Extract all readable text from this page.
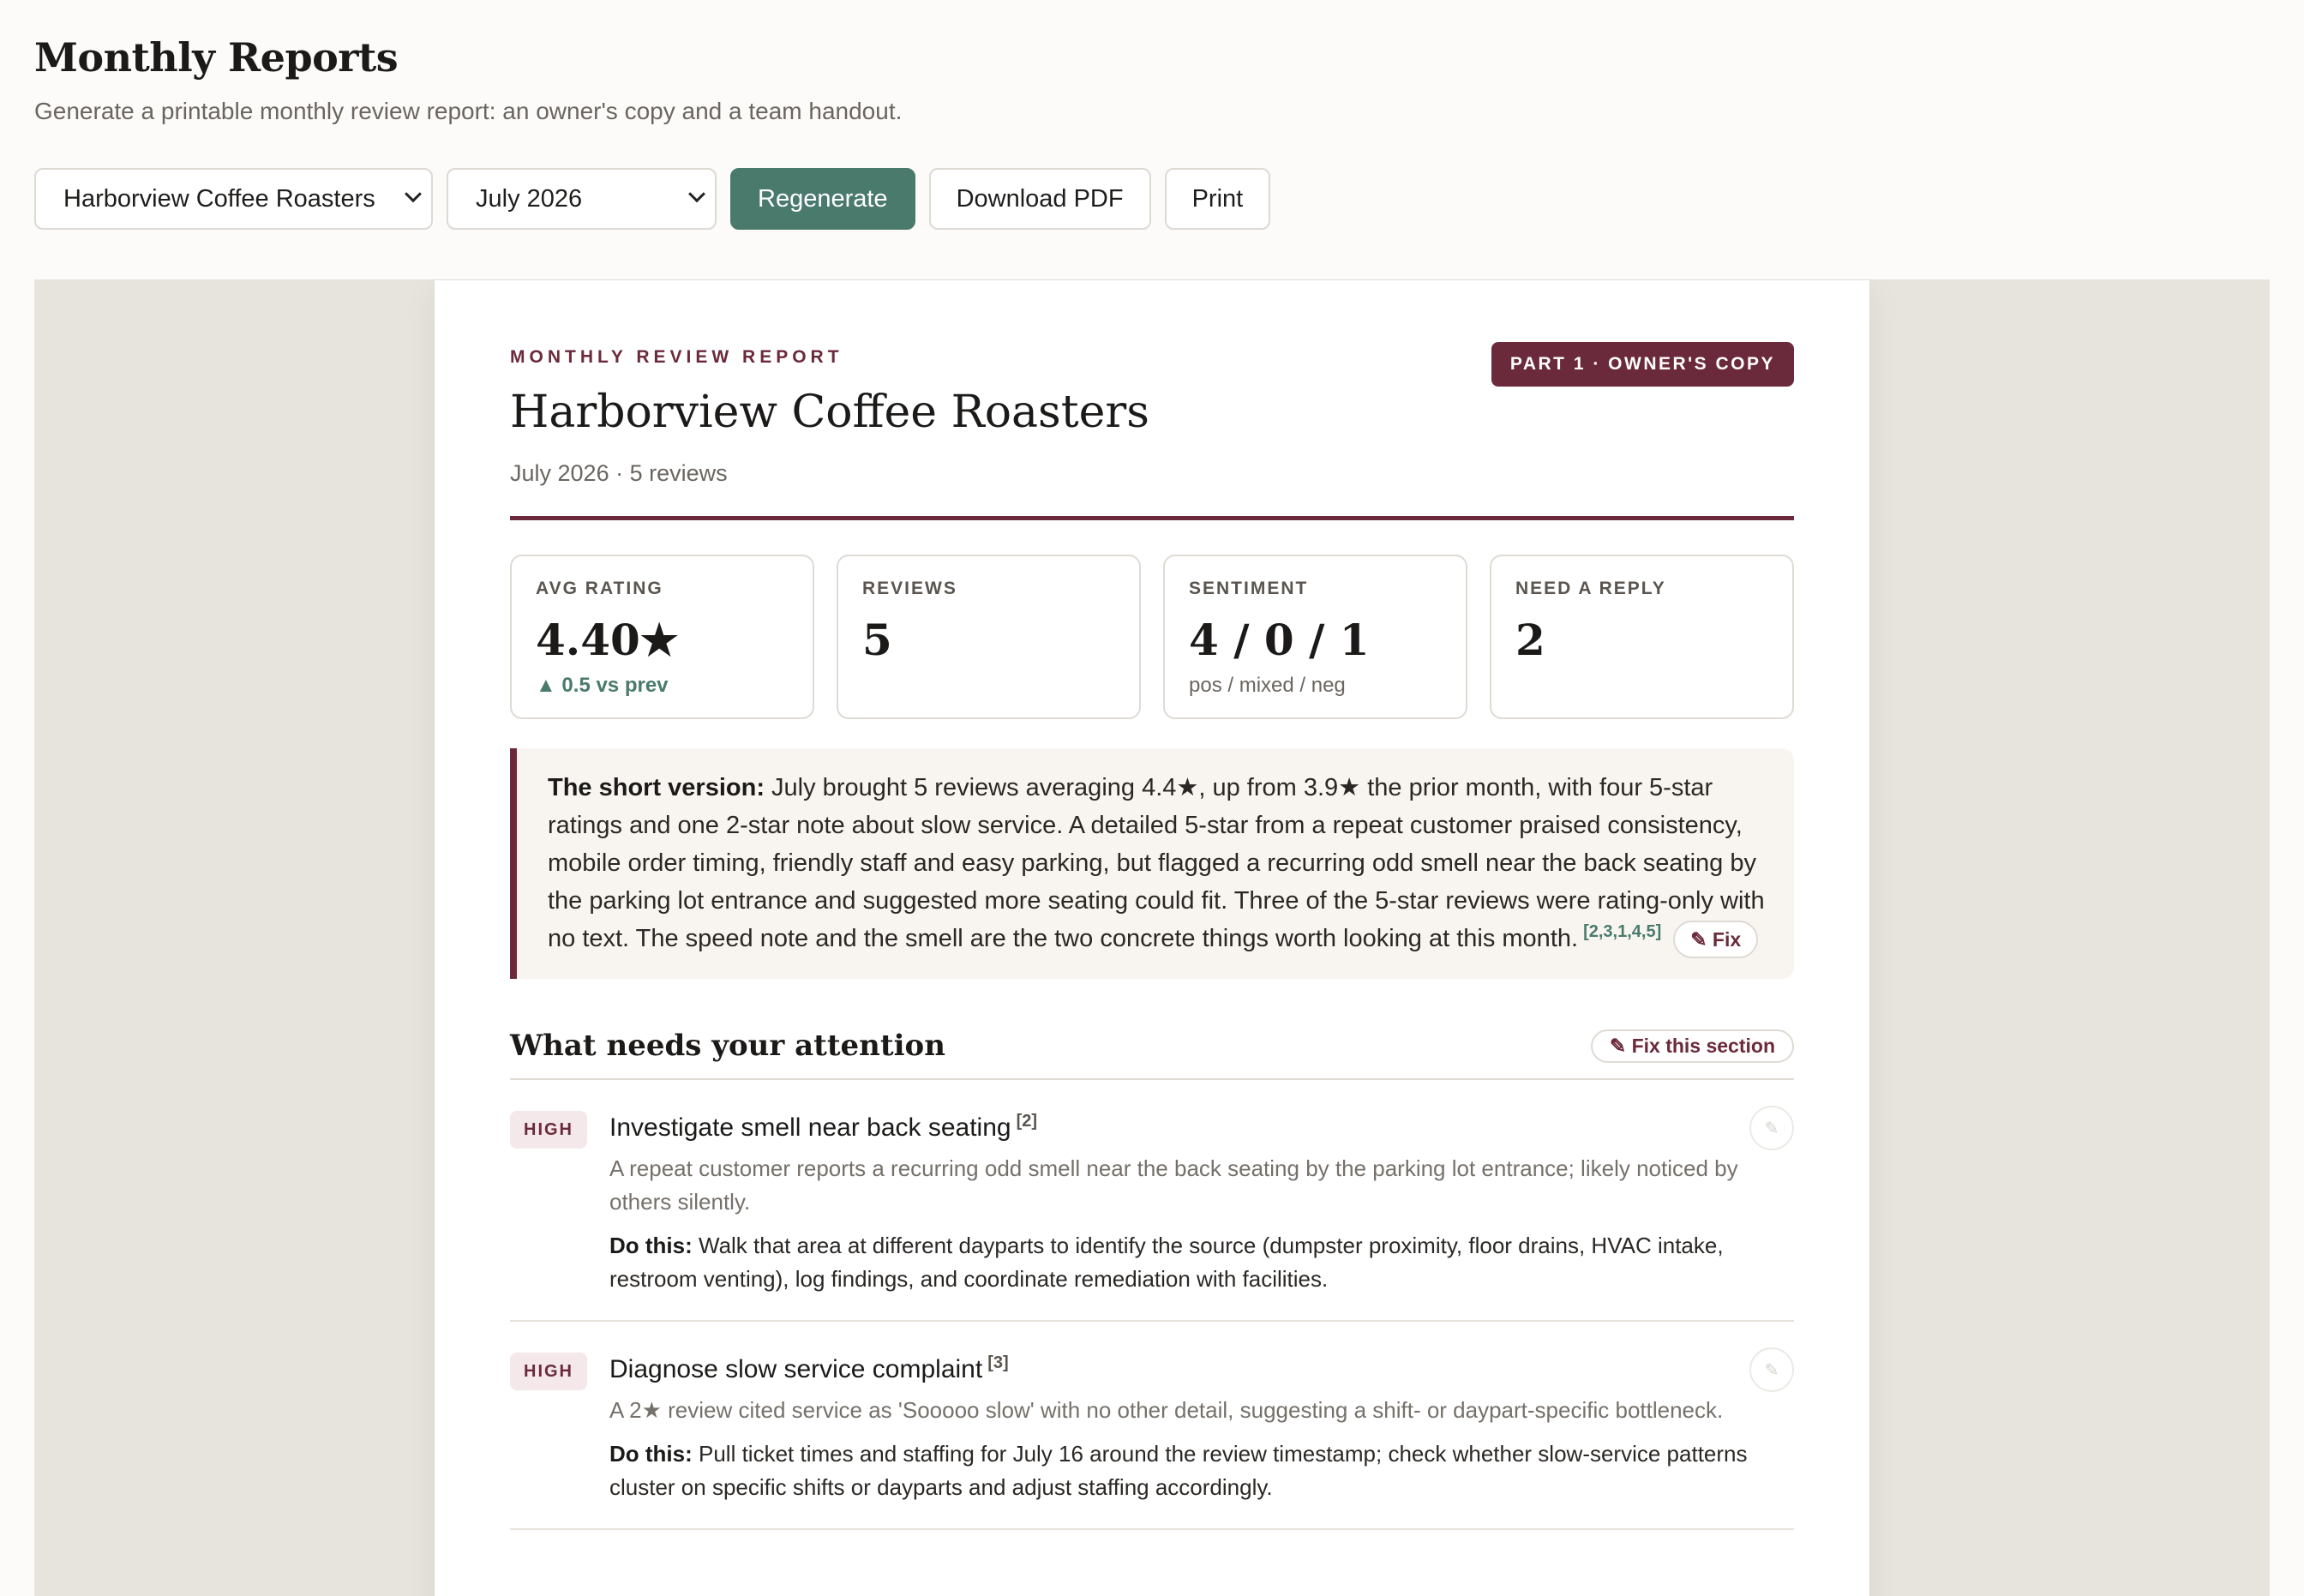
Monthly Reports

Generate a printable monthly review report: an owner's copy and a team handout.

Harborview Coffee Roasters	July 2026	Regenerate	Download PDF	Print
MONTHLY REVIEW REPORT	PART 1 · OWNER'S COPY
Harborview Coffee Roasters
July 2026 · 5 reviews
AVG RATING
4.40★
▲ 0.5 vs prev
REVIEWS
5
SENTIMENT
4 / 0 / 1
pos / mixed / neg
NEED A REPLY
2
The short version: July brought 5 reviews averaging 4.4★, up from 3.9★ the prior month, with four 5-star ratings and one 2-star note about slow service. A detailed 5-star from a repeat customer praised consistency, mobile order timing, friendly staff and easy parking, but flagged a recurring odd smell near the back seating by the parking lot entrance and suggested more seating could fit. Three of the 5-star reviews were rating-only with no text. The speed note and the smell are the two concrete things worth looking at this month. [2,3,1,4,5] ✎ Fix
What needs your attention	✎ Fix this section
HIGH	Investigate smell near back seating [2]
A repeat customer reports a recurring odd smell near the back seating by the parking lot entrance; likely noticed by others silently.
Do this: Walk that area at different dayparts to identify the source (dumpster proximity, floor drains, HVAC intake, restroom venting), log findings, and coordinate remediation with facilities.
✎
HIGH	Diagnose slow service complaint [3]
A 2★ review cited service as 'Sooooo slow' with no other detail, suggesting a shift- or daypart-specific bottleneck.
Do this: Pull ticket times and staffing for July 16 around the review timestamp; check whether slow-service patterns cluster on specific shifts or dayparts and adjust staffing accordingly.
✎
